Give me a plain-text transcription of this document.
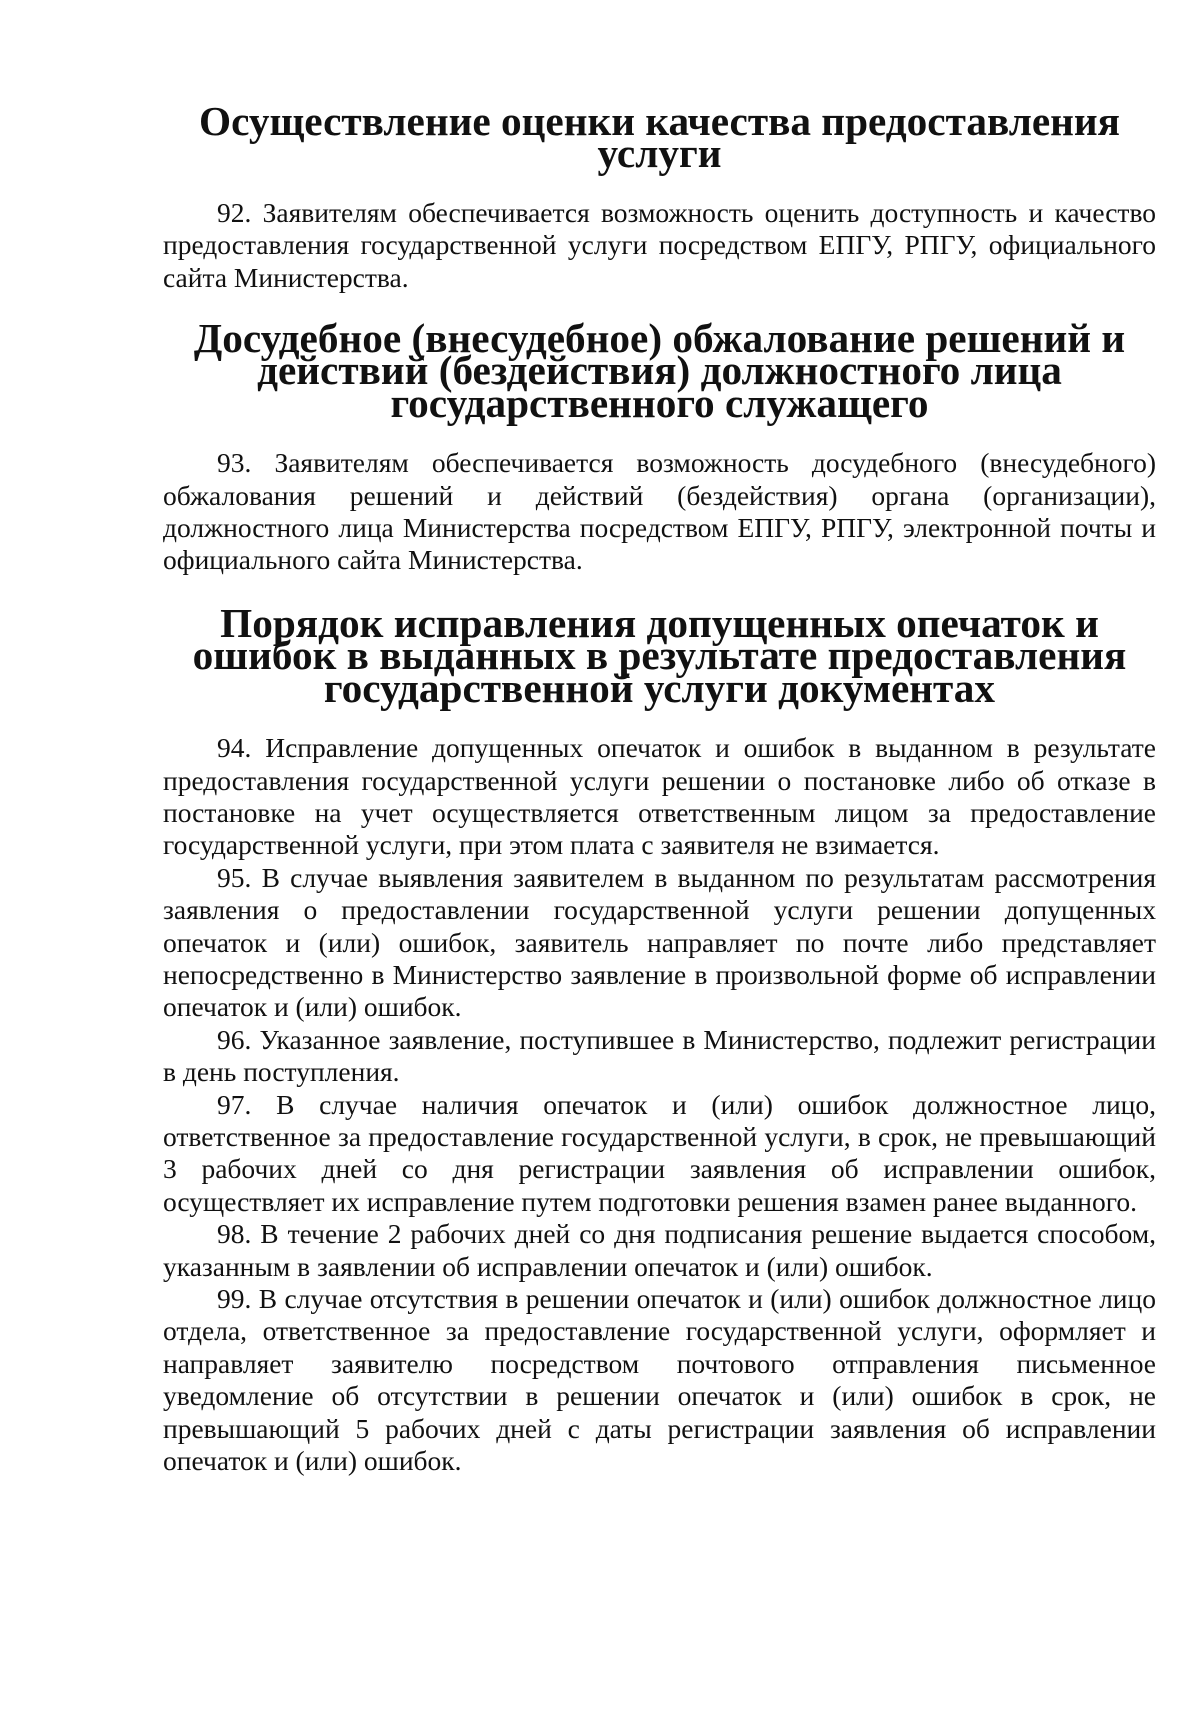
Осуществление оценки качества предоставления услуги

92. Заявителям обеспечивается возможность оценить доступность и качество предоставления государственной услуги посредством ЕПГУ, РПГУ, официального сайта Министерства.

Досудебное (внесудебное) обжалование решений и действий (бездействия) должностного лица государственного служащего

93. Заявителям обеспечивается возможность досудебного (внесудебного) обжалования решений и действий (бездействия) органа (организации), должностного лица Министерства посредством ЕПГУ, РПГУ, электронной почты и официального сайта Министерства.

Порядок исправления допущенных опечаток и ошибок в выданных в результате предоставления государственной услуги документах

94. Исправление допущенных опечаток и ошибок в выданном в результате предоставления государственной услуги решении о постановке либо об отказе в постановке на учет осуществляется ответственным лицом за предоставление государственной услуги, при этом плата с заявителя не взимается.

95. В случае выявления заявителем в выданном по результатам рассмотрения заявления о предоставлении государственной услуги решении допущенных опечаток и (или) ошибок, заявитель направляет по почте либо представляет непосредственно в Министерство заявление в произвольной форме об исправлении опечаток и (или) ошибок.

96. Указанное заявление, поступившее в Министерство, подлежит регистрации в день поступления.

97. В случае наличия опечаток и (или) ошибок должностное лицо, ответственное за предоставление государственной услуги, в срок, не превышающий 3 рабочих дней со дня регистрации заявления об исправлении ошибок, осуществляет их исправление путем подготовки решения взамен ранее выданного.

98. В течение 2 рабочих дней со дня подписания решение выдается способом, указанным в заявлении об исправлении опечаток и (или) ошибок.

99. В случае отсутствия в решении опечаток и (или) ошибок должностное лицо отдела, ответственное за предоставление государственной услуги, оформляет и направляет заявителю посредством почтового отправления письменное уведомление об отсутствии в решении опечаток и (или) ошибок в срок, не превышающий 5 рабочих дней с даты регистрации заявления об исправлении опечаток и (или) ошибок.
